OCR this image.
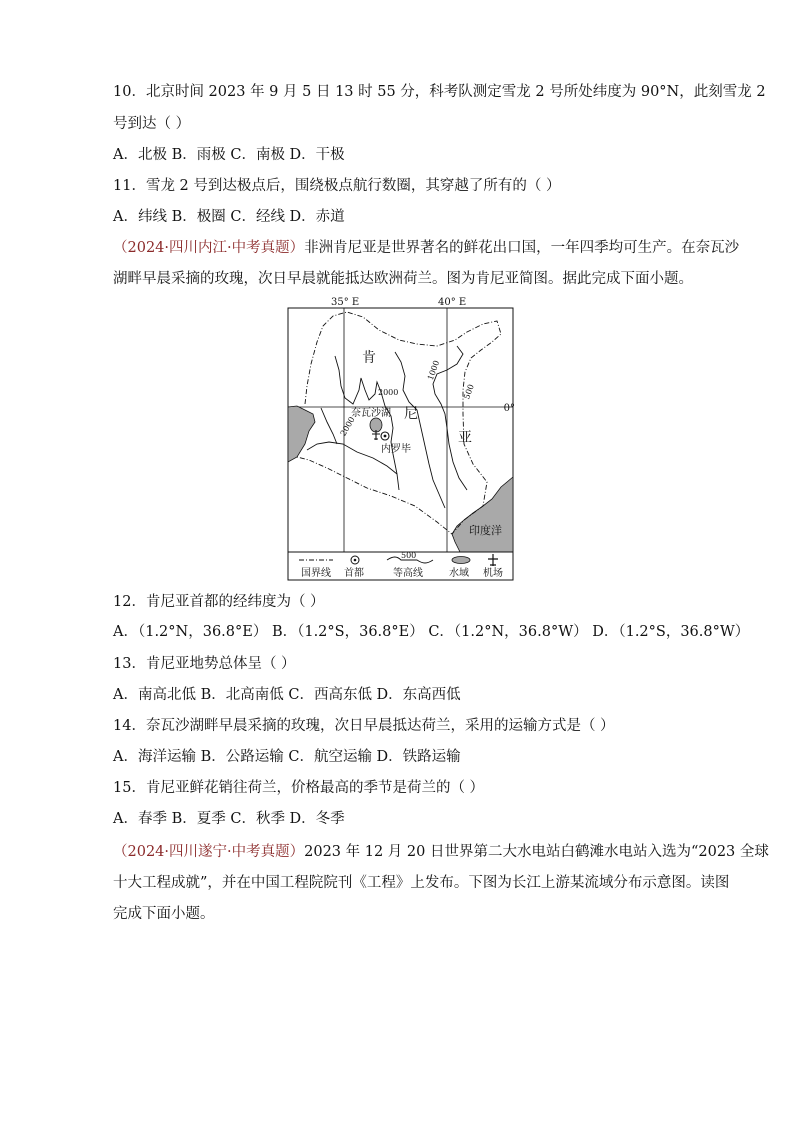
10．北京时间 2023 年 9 月 5 日 13 时 55 分，科考队测定雪龙 2 号所处纬度为 90°N，此刻雪龙 2
号到达（ ）
A．北极 B．雨极 C．南极 D．干极
11．雪龙 2 号到达极点后，围绕极点航行数圈，其穿越了所有的（ ）
A．纬线 B．极圈 C．经线 D．赤道
（2024·四川内江·中考真题）非洲肯尼亚是世界著名的鲜花出口国，一年四季均可生产。在奈瓦沙
湖畔早晨采摘的玫瑰，次日早晨就能抵达欧洲荷兰。图为肯尼亚简图。据此完成下面小题。
35° E	40° E
0°
2000
2000
1000
500
肯
尼
亚
奈瓦沙湖
内罗毕
印度洋
国界线 首都
500
等高线	水域 机场
12．肯尼亚首都的经纬度为（ ）
A．（1.2°N，36.8°E） B．（1.2°S，36.8°E） C．（1.2°N，36.8°W） D．（1.2°S，36.8°W）
13．肯尼亚地势总体呈（ ）
A．南高北低 B．北高南低 C．西高东低 D．东高西低
14．奈瓦沙湖畔早晨采摘的玫瑰，次日早晨抵达荷兰，采用的运输方式是（ ）
A．海洋运输 B．公路运输 C．航空运输 D．铁路运输
15．肯尼亚鲜花销往荷兰，价格最高的季节是荷兰的（ ）
A．春季 B．夏季 C．秋季 D．冬季
（2024·四川遂宁·中考真题）2023 年 12 月 20 日世界第二大水电站白鹤滩水电站入选为“2023 全球
十大工程成就”，并在中国工程院院刊《工程》上发布。下图为长江上游某流域分布示意图。读图
完成下面小题。
